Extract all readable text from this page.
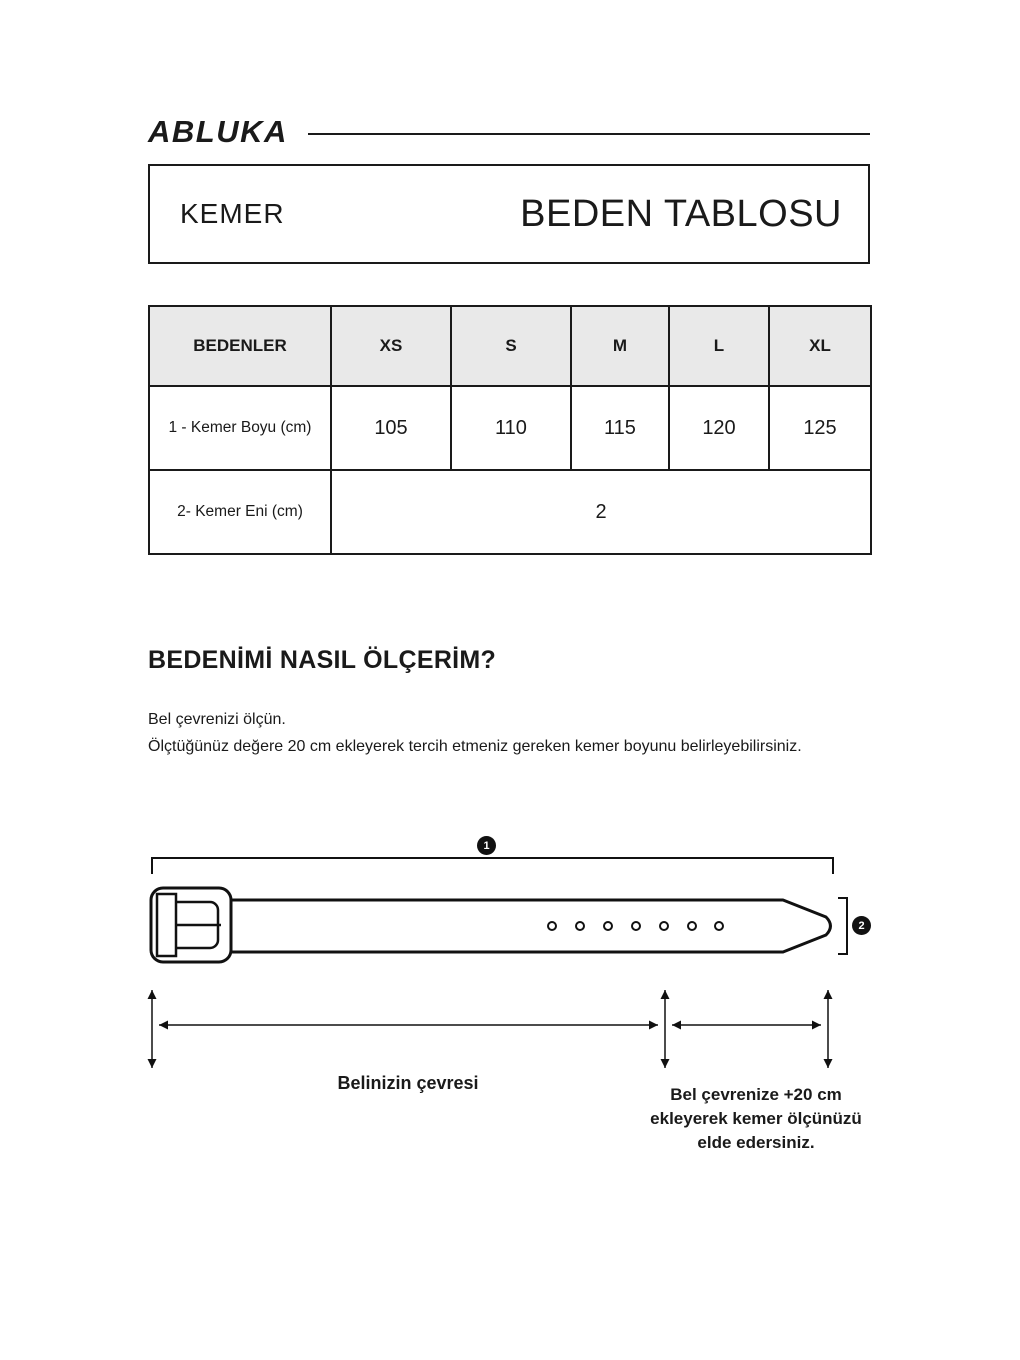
ABLUKA
KEMER	BEDEN TABLOSU
BEDENLER	XS	S	M	L	XL
1 - Kemer Boyu (cm)	105	110	115	120	125
2- Kemer Eni (cm)	2				
BEDENİMİ NASIL ÖLÇERİM?
Bel çevrenizi ölçün.
Ölçtüğünüz değere 20 cm ekleyerek tercih etmeniz gereken kemer boyunu belirleyebilirsiniz.
1
2
Belinizin çevresi
Bel çevrenize +20 cm ekleyerek kemer ölçünüzü elde edersiniz.
